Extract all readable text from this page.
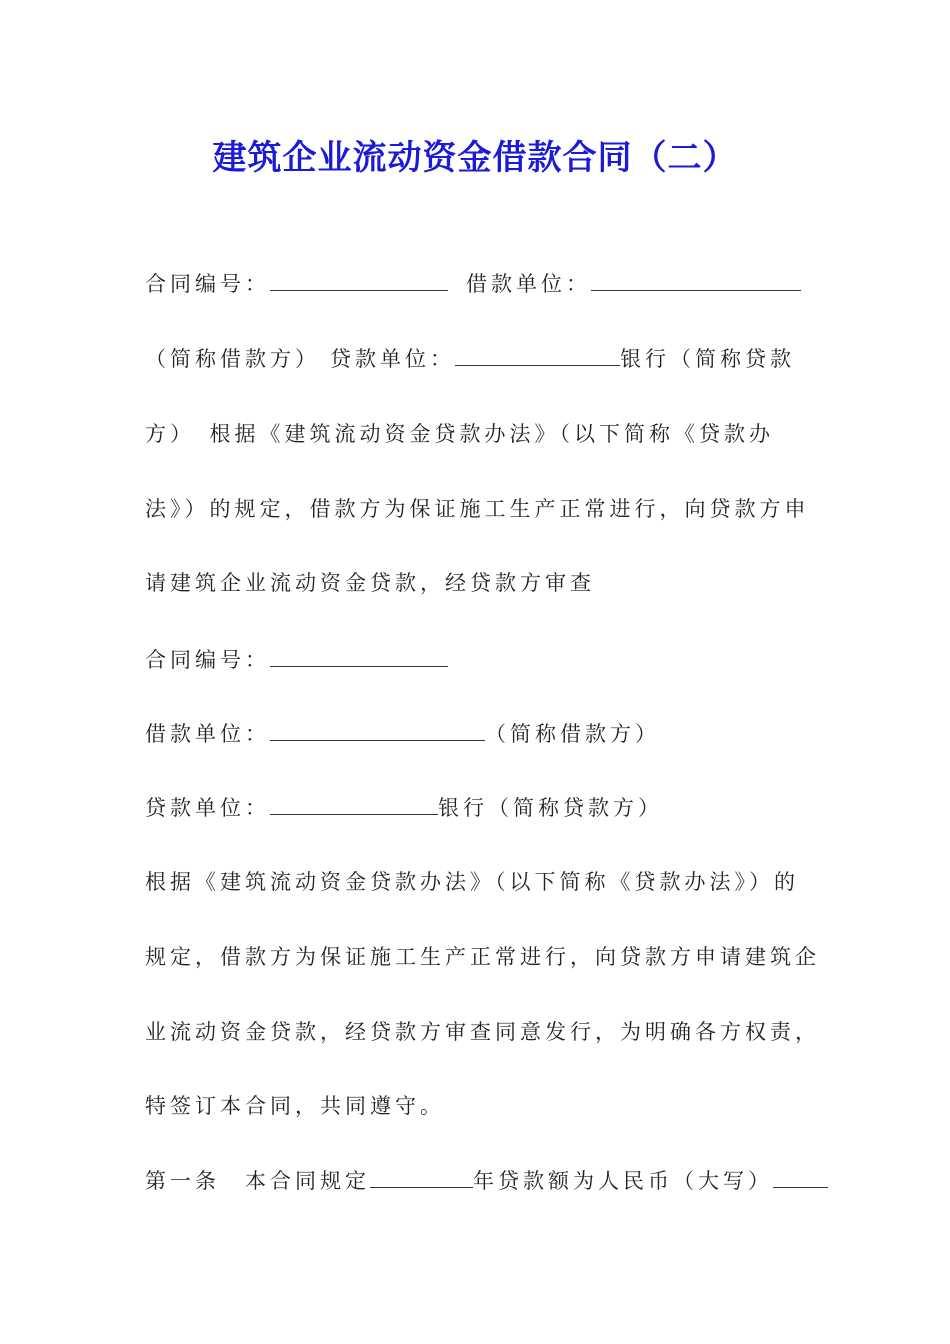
建筑企业流动资金借款合同（二）
合同编号：	借款单位：
（简称借款方） 贷款单位：	银行（简称贷款
方）　根据《建筑流动资金贷款办法》（以下简称《贷款办
法》）的规定，借款方为保证施工生产正常进行，向贷款方申
请建筑企业流动资金贷款，经贷款方审查
合同编号：
借款单位：	（简称借款方）
贷款单位：	银行（简称贷款方）
根据《建筑流动资金贷款办法》（以下简称《贷款办法》）的
规定，借款方为保证施工生产正常进行，向贷款方申请建筑企
业流动资金贷款，经贷款方审查同意发行，为明确各方权责，
特签订本合同，共同遵守。
第一条　本合同规定	年贷款额为人民币（大写）
